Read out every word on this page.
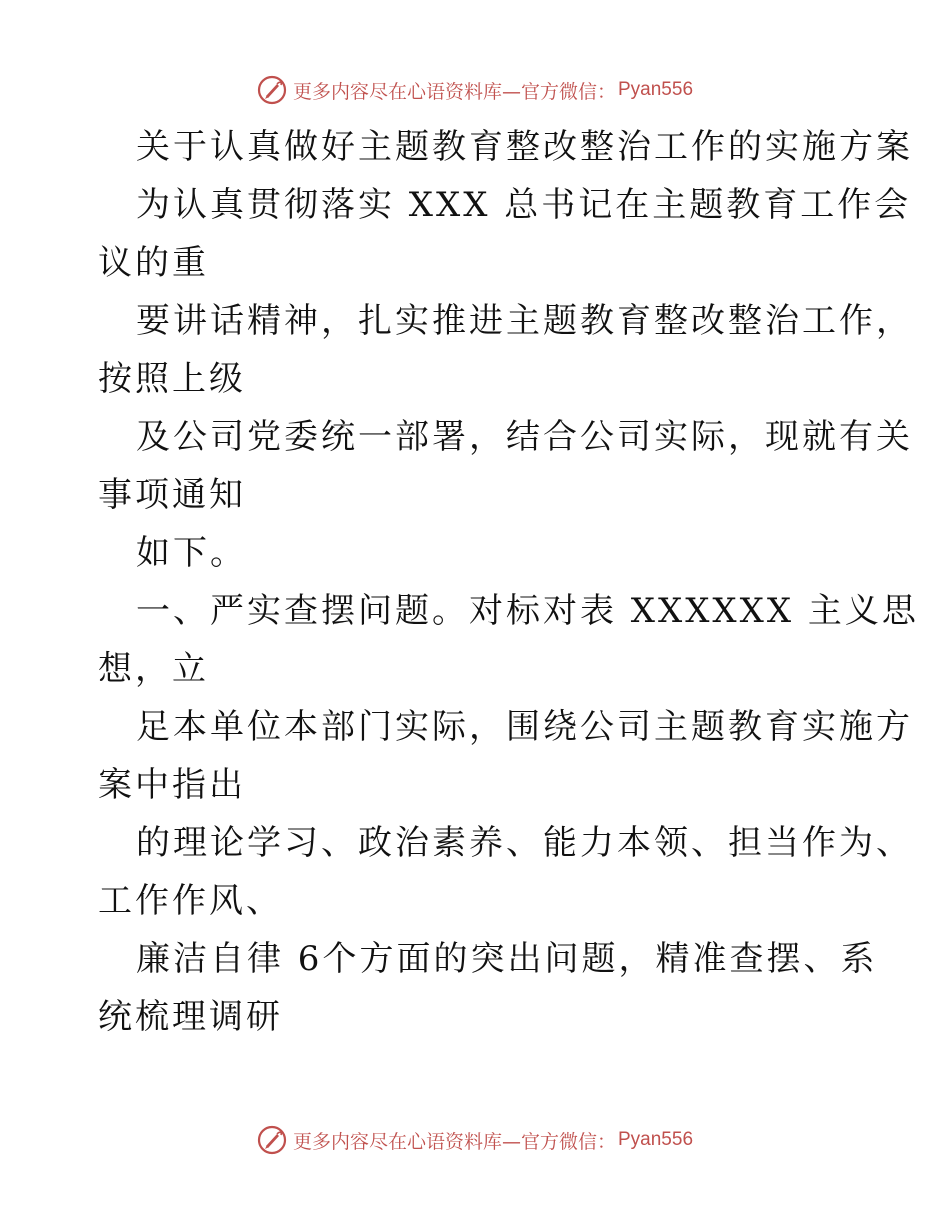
更多内容尽在心语资料库—官方微信： Pyan556

关于认真做好主题教育整改整治工作的实施方案

为认真贯彻落实 XXX 总书记在主题教育工作会
议的重

要讲话精神，扎实推进主题教育整改整治工作，
按照上级

及公司党委统一部署，结合公司实际，现就有关
事项通知

如下。

一、严实查摆问题。对标对表 XXXXXX 主义思
想，立

足本单位本部门实际，围绕公司主题教育实施方
案中指出

的理论学习、政治素养、能力本领、担当作为、
工作作风、

廉洁自律 6个方面的突出问题，精准查摆、系
统梳理调研

更多内容尽在心语资料库—官方微信： Pyan556
